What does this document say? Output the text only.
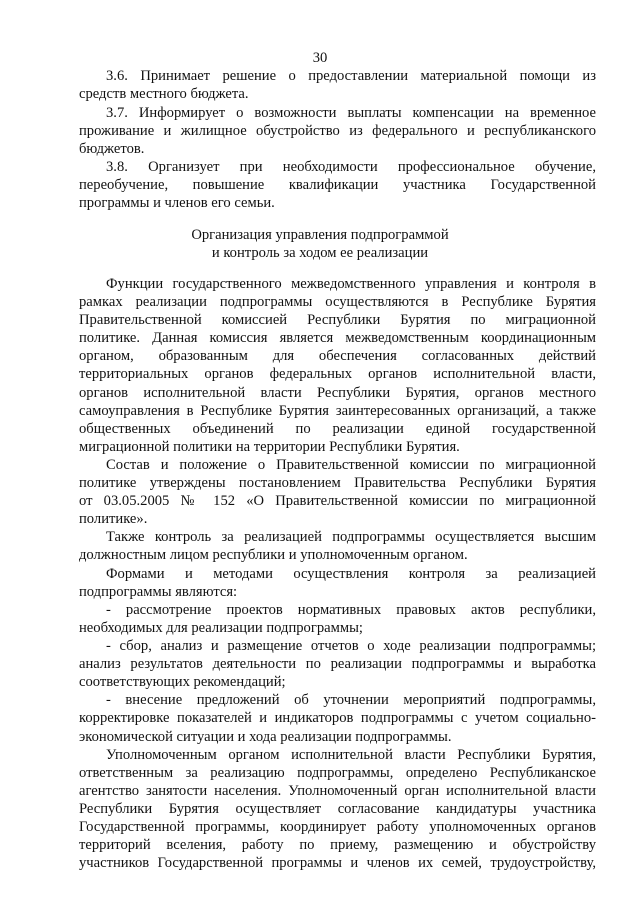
30
3.6. Принимает решение о предоставлении материальной помощи из
средств местного бюджета.
3.7. Информирует о возможности выплаты компенсации на временное
проживание и жилищное обустройство из федерального и республиканского
бюджетов.
3.8. Организует при необходимости профессиональное обучение,
переобучение, повышение квалификации участника Государственной
программы и членов его семьи.
Организация управления подпрограммой
и контроль за ходом ее реализации
Функции государственного межведомственного управления и контроля в
рамках реализации подпрограммы осуществляются в Республике Бурятия
Правительственной комиссией Республики Бурятия по миграционной
политике. Данная комиссия является межведомственным координационным
органом, образованным для обеспечения согласованных действий
территориальных органов федеральных органов исполнительной власти,
органов исполнительной власти Республики Бурятия, органов местного
самоуправления в Республике Бурятия заинтересованных организаций, а также
общественных объединений по реализации единой государственной
миграционной политики на территории Республики Бурятия.
Состав и положение о Правительственной комиссии по миграционной
политике утверждены постановлением Правительства Республики Бурятия
от 03.05.2005 № 152 «О Правительственной комиссии по миграционной
политике».
Также контроль за реализацией подпрограммы осуществляется высшим
должностным лицом республики и уполномоченным органом.
Формами и методами осуществления контроля за реализацией
подпрограммы являются:
- рассмотрение проектов нормативных правовых актов республики,
необходимых для реализации подпрограммы;
- сбор, анализ и размещение отчетов о ходе реализации подпрограммы;
анализ результатов деятельности по реализации подпрограммы и выработка
соответствующих рекомендаций;
- внесение предложений об уточнении мероприятий подпрограммы,
корректировке показателей и индикаторов подпрограммы с учетом социально-
экономической ситуации и хода реализации подпрограммы.
Уполномоченным органом исполнительной власти Республики Бурятия,
ответственным за реализацию подпрограммы, определено Республиканское
агентство занятости населения. Уполномоченный орган исполнительной власти
Республики Бурятия осуществляет согласование кандидатуры участника
Государственной программы, координирует работу уполномоченных органов
территорий вселения, работу по приему, размещению и обустройству
участников Государственной программы и членов их семей, трудоустройству,
